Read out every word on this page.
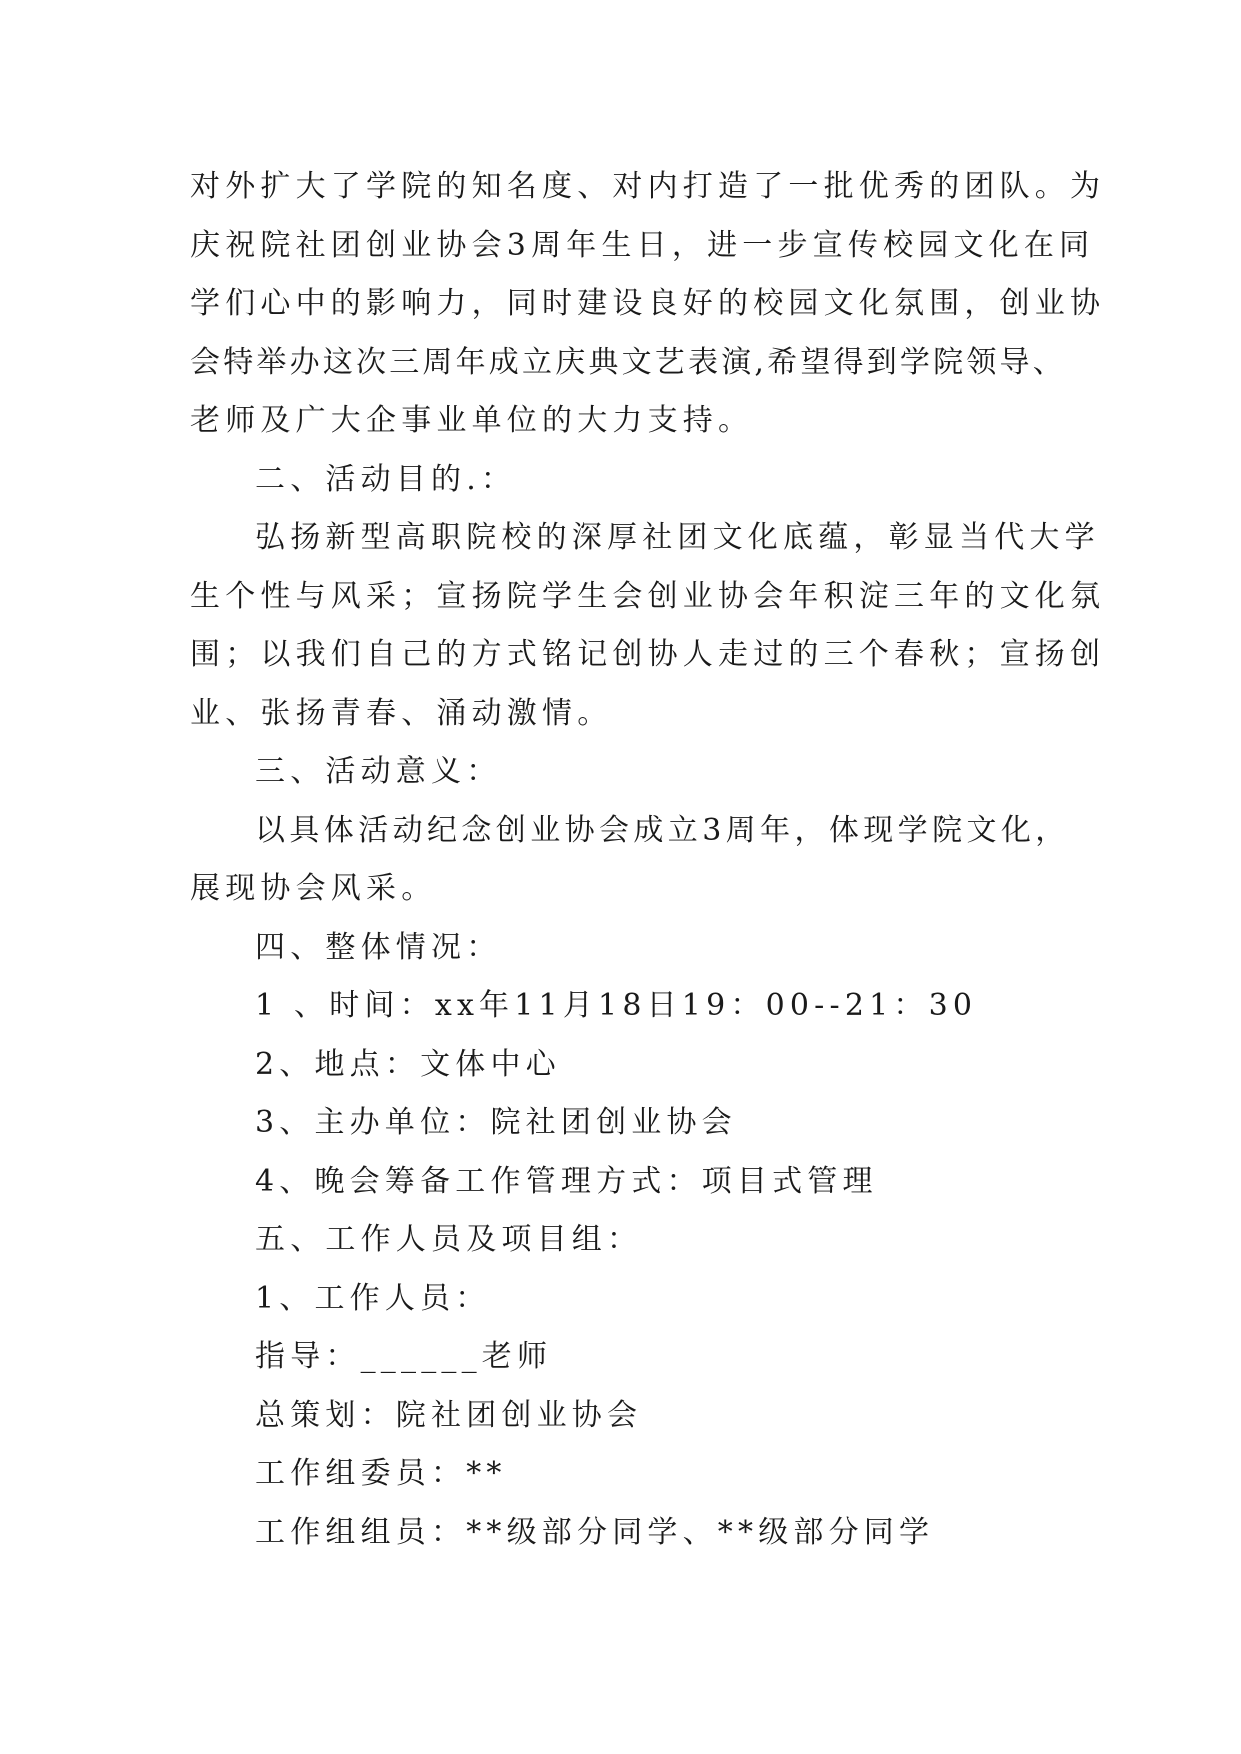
对外扩大了学院的知名度、对内打造了一批优秀的团队。为
庆祝院社团创业协会3周年生日，进一步宣传校园文化在同
学们心中的影响力，同时建设良好的校园文化氛围，创业协
会特举办这次三周年成立庆典文艺表演,希望得到学院领导、
老师及广大企事业单位的大力支持。
二、活动目的.：
弘扬新型高职院校的深厚社团文化底蕴，彰显当代大学
生个性与风采；宣扬院学生会创业协会年积淀三年的文化氛
围；以我们自己的方式铭记创协人走过的三个春秋；宣扬创
业、张扬青春、涌动激情。
三、活动意义：
以具体活动纪念创业协会成立3周年，体现学院文化，
展现协会风采。
四、整体情况：
1 、时间：xx年11月18日19：00--21：30
2、地点：文体中心
3、主办单位：院社团创业协会
4、晚会筹备工作管理方式：项目式管理
五、工作人员及项目组：
1、工作人员：
指导：______老师
总策划：院社团创业协会
工作组委员：**
工作组组员：**级部分同学、**级部分同学
